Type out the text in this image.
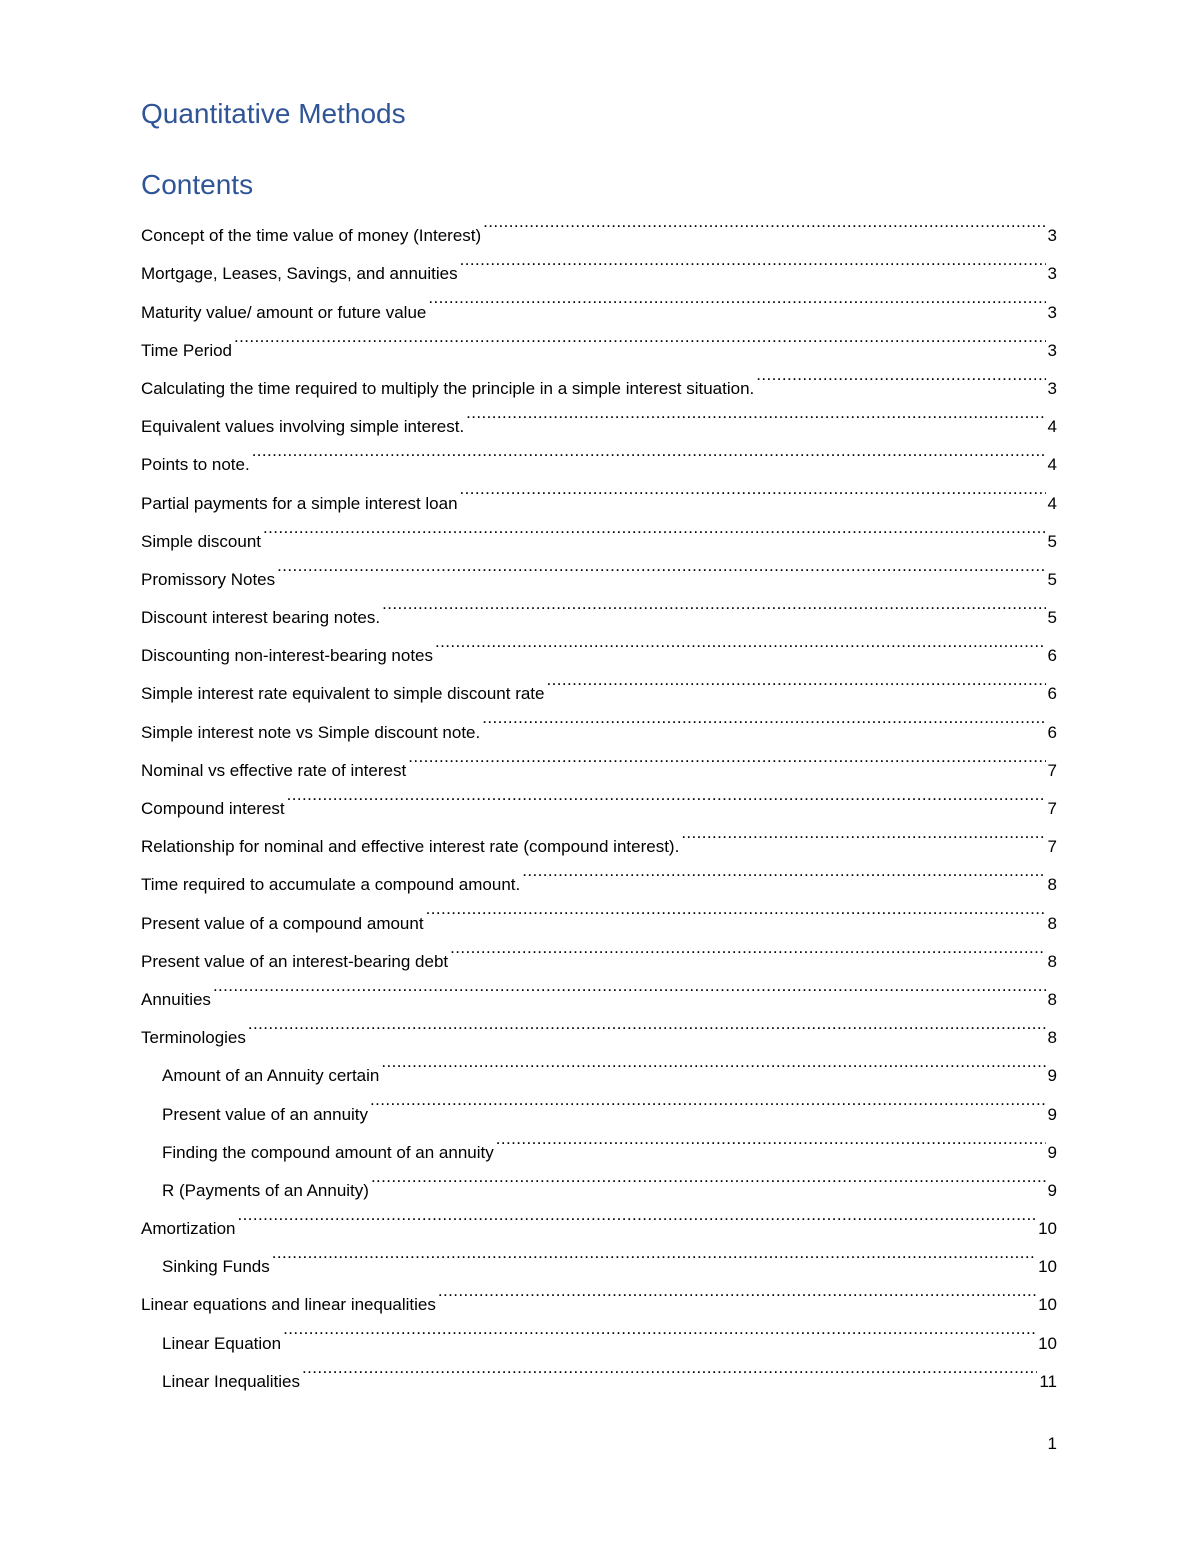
Quantitative Methods
Contents
Concept of the time value of money (Interest) .....	3
Mortgage, Leases, Savings, and annuities .....	3
Maturity value/ amount or future value .....	3
Time Period .....	3
Calculating the time required to multiply the principle in a simple interest situation. .....	3
Equivalent values involving simple interest. .....	4
Points to note. .....	4
Partial payments for a simple interest loan .....	4
Simple discount .....	5
Promissory Notes .....	5
Discount interest bearing notes. .....	5
Discounting non-interest-bearing notes .....	6
Simple interest rate equivalent to simple discount rate .....	6
Simple interest note vs Simple discount note. .....	6
Nominal vs effective rate of interest .....	7
Compound interest .....	7
Relationship for nominal and effective interest rate (compound interest). .....	7
Time required to accumulate a compound amount. .....	8
Present value of a compound amount .....	8
Present value of an interest-bearing debt .....	8
Annuities .....	8
Terminologies .....	8
Amount of an Annuity certain .....	9
Present value of an annuity .....	9
Finding the compound amount of an annuity .....	9
R (Payments of an Annuity) .....	9
Amortization .....	10
Sinking Funds .....	10
Linear equations and linear inequalities .....	10
Linear Equation .....	10
Linear Inequalities .....	11
1
